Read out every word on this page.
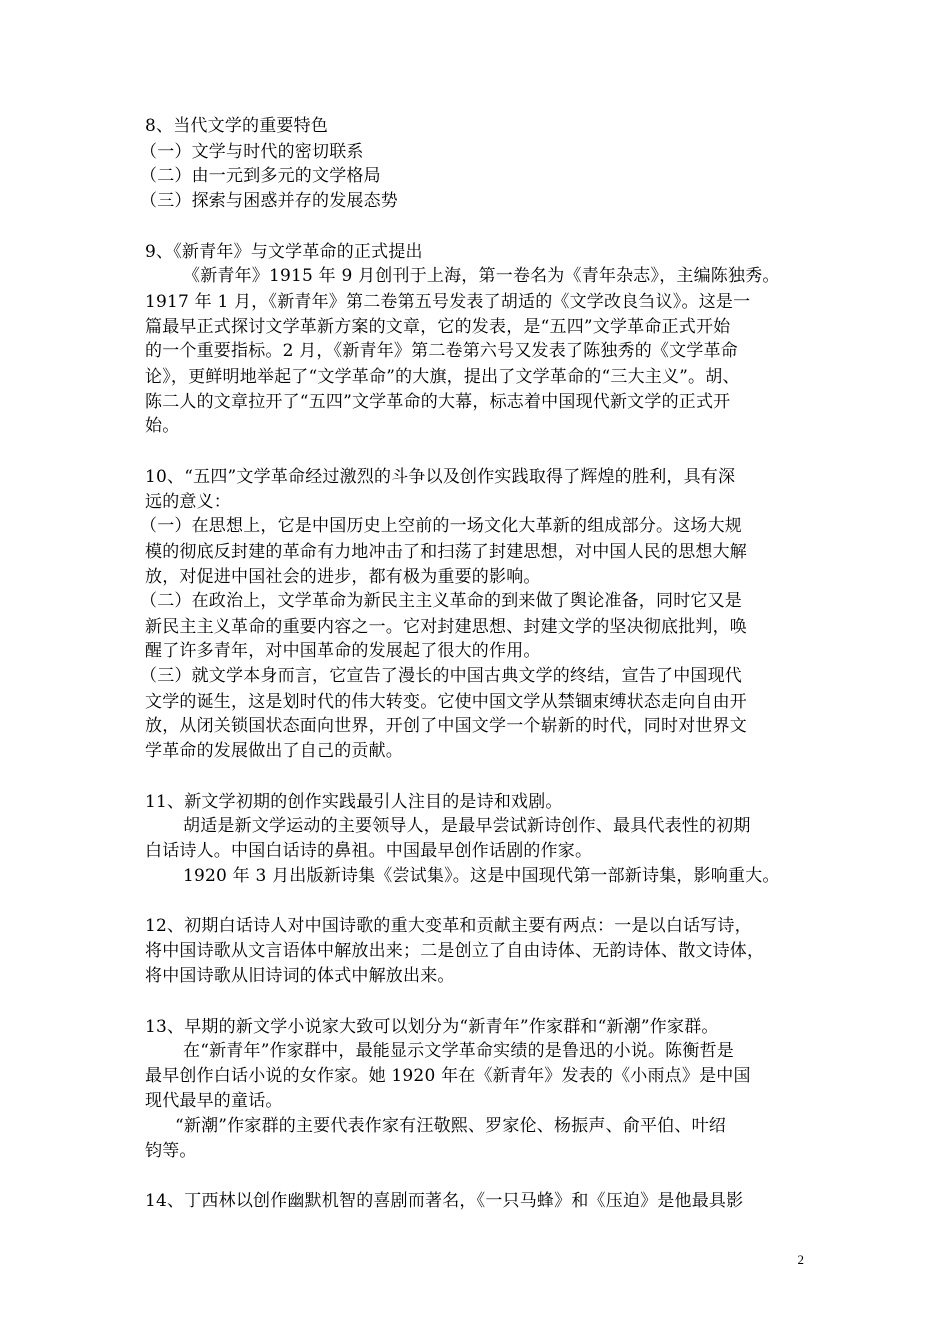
8、当代文学的重要特色
（一）文学与时代的密切联系
（二）由一元到多元的文学格局
（三）探索与困惑并存的发展态势
9、《新青年》与文学革命的正式提出
《新青年》1915 年 9 月创刊于上海，第一卷名为《青年杂志》，主编陈独秀。
1917 年 1 月，《新青年》第二卷第五号发表了胡适的《文学改良刍议》。这是一
篇最早正式探讨文学革新方案的文章，它的发表，是“五四”文学革命正式开始
的一个重要指标。2 月，《新青年》第二卷第六号又发表了陈独秀的《文学革命
论》，更鲜明地举起了“文学革命”的大旗，提出了文学革命的“三大主义”。胡、
陈二人的文章拉开了“五四”文学革命的大幕，标志着中国现代新文学的正式开
始。
10、“五四”文学革命经过激烈的斗争以及创作实践取得了辉煌的胜利，具有深
远的意义：
（一）在思想上，它是中国历史上空前的一场文化大革新的组成部分。这场大规
模的彻底反封建的革命有力地冲击了和扫荡了封建思想，对中国人民的思想大解
放，对促进中国社会的进步，都有极为重要的影响。
（二）在政治上，文学革命为新民主主义革命的到来做了舆论准备，同时它又是
新民主主义革命的重要内容之一。它对封建思想、封建文学的坚决彻底批判，唤
醒了许多青年，对中国革命的发展起了很大的作用。
（三）就文学本身而言，它宣告了漫长的中国古典文学的终结，宣告了中国现代
文学的诞生，这是划时代的伟大转变。它使中国文学从禁锢束缚状态走向自由开
放，从闭关锁国状态面向世界，开创了中国文学一个崭新的时代，同时对世界文
学革命的发展做出了自己的贡献。
11、新文学初期的创作实践最引人注目的是诗和戏剧。
胡适是新文学运动的主要领导人，是最早尝试新诗创作、最具代表性的初期
白话诗人。中国白话诗的鼻祖。中国最早创作话剧的作家。
1920 年 3 月出版新诗集《尝试集》。这是中国现代第一部新诗集，影响重大。
12、初期白话诗人对中国诗歌的重大变革和贡献主要有两点：一是以白话写诗，
将中国诗歌从文言语体中解放出来；二是创立了自由诗体、无韵诗体、散文诗体，
将中国诗歌从旧诗词的体式中解放出来。
13、早期的新文学小说家大致可以划分为“新青年”作家群和“新潮”作家群。
在“新青年”作家群中，最能显示文学革命实绩的是鲁迅的小说。陈衡哲是
最早创作白话小说的女作家。她 1920 年在《新青年》发表的《小雨点》是中国
现代最早的童话。
“新潮”作家群的主要代表作家有汪敬熙、罗家伦、杨振声、俞平伯、叶绍
钧等。
14、丁西林以创作幽默机智的喜剧而著名，《一只马蜂》和《压迫》是他最具影
2
